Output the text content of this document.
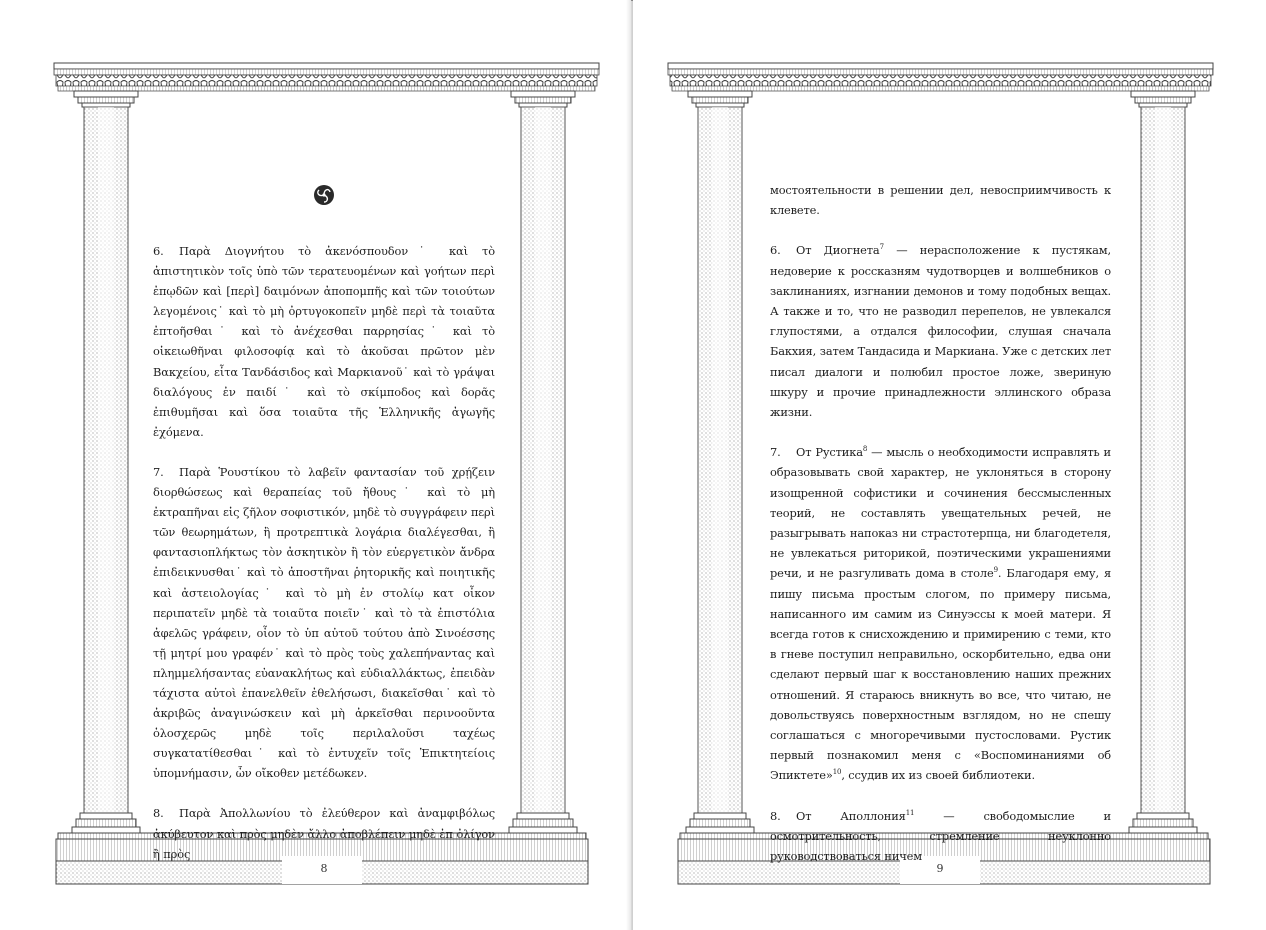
6. Παρὰ Διογνήτου τὸ ἀκενόσπουδον˙ καὶ τὸ ἀπιστητικὸν τοῖς ὑπὸ τῶν τερατευομένων καὶ γοήτων περὶ ἐπῳδῶν καὶ [περὶ] δαιμόνων ἀποπομπῆς καὶ τῶν τοιούτων λεγομένοις˙ καὶ τὸ μὴ ὀρτυγοκοπεῖν μηδὲ περὶ τὰ τοιαῦτα ἐπτοῆσθαι˙ καὶ τὸ ἀνέχεσθαι παρρησίας˙ καὶ τὸ οἰκειωθῆναι φιλοσοφίᾳ καὶ τὸ ἀκοῦσαι πρῶτον μὲν Βακχείου, εἶτα Τανδάσιδος καὶ Μαρκιανοῦ˙ καὶ τὸ γράψαι διαλόγους ἐν παιδί˙ καὶ τὸ σκίμποδος καὶ δορᾶς ἐπιθυμῆσαι καὶ ὅσα τοιαῦτα τῆς Ἑλληνικῆς ἀγωγῆς ἐχόμενα.

7. Παρὰ Ῥουστίκου τὸ λαβεῖν φαντασίαν τοῦ χρῄζειν διορθώσεως καὶ θεραπείας τοῦ ἤθους˙ καὶ τὸ μὴ ἐκτραπῆναι εἰς ζῆλον σοφιστικόν, μηδὲ τὸ συγγράφειν περὶ τῶν θεωρημάτων, ἢ προτρεπτικὰ λογάρια διαλέγεσθαι, ἢ φαντασιοπλήκτως τὸν ἀσκητικὸν ἢ τὸν εὐεργετικὸν ἄνδρα ἐπιδεικνυσθαι˙ καὶ τὸ ἀποστῆναι ῥητορικῆς καὶ ποιητικῆς καὶ ἀστειολογίας˙ καὶ τὸ μὴ ἐν στολίῳ κατ οἶκον περιπατεῖν μηδὲ τὰ τοιαῦτα ποιεῖν˙ καὶ τὸ τὰ ἐπιστόλια ἀφελῶς γράφειν, οἷον τὸ ὑπ αὐτοῦ τούτου ἀπὸ Σινοέσσης τῇ μητρί μου γραφέν˙ καὶ τὸ πρὸς τοὺς χαλεπήναντας καὶ πλημμελήσαντας εὐανακλήτως καὶ εὐδιαλλάκτως, ἐπειδὰν τάχιστα αὐτοὶ ἐπανελθεῖν ἐθελήσωσι, διακεῖσθαι˙ καὶ τὸ ἀκριβῶς ἀναγινώσκειν καὶ μὴ ἀρκεῖσθαι περινοοῦντα ὁλοσχερῶς μηδὲ τοῖς περιλαλοῦσι ταχέως συγκατατίθεσθαι˙ καὶ τὸ ἐντυχεῖν τοῖς Ἐπικτητείοις ὑπομνήμασιν, ὧν οἴκοθεν μετέδωκεν.

8. Παρὰ Ἀπολλωνίου τὸ ἐλεύθερον καὶ ἀναμφιβόλως ἀκύβευτον καὶ πρὸς μηδὲν ἄλλο ἀποβλέπειν μηδὲ ἐπ ὀλίγον ἢ πρὸς

8

мостоятельности в решении дел, невосприимчивость к клевете.

6. От Диогнета$^7$ — нерасположение к пустякам, недоверие к россказням чудотворцев и волшебников о заклинаниях, изгнании демонов и тому подобных вещах. А также и то, что не разводил перепелов, не увлекался глупостями, а отдался философии, слушая сначала Бакхия, затем Тандасида и Маркиана. Уже с детских лет писал диалоги и полюбил простое ложе, звериную шкуру и прочие принадлежности эллинского образа жизни.

7. От Рустика$^8$ — мысль о необходимости исправлять и образовывать свой характер, не уклоняться в сторону изощренной софистики и сочинения бессмысленных теорий, не составлять увещательных речей, не разыгрывать напоказ ни страстотерпца, ни благодетеля, не увлекаться риторикой, поэтическими украшениями речи, и не разгуливать дома в столе$^9$. Благодаря ему, я пишу письма простым слогом, по примеру письма, написанного им самим из Синуэссы к моей матери. Я всегда готов к снисхождению и примирению с теми, кто в гневе поступил неправильно, оскорбительно, едва они сделают первый шаг к восстановлению наших прежних отношений. Я стараюсь вникнуть во все, что читаю, не довольствуясь поверхностным взглядом, но не спешу соглашаться с многоречивыми пустословами. Рустик первый познакомил меня с «Воспоминаниями об Эпиктете»$^{10}$, ссудив их из своей библиотеки.

8. От Аполлония$^{11}$ — свободомыслие и осмотрительность, стремление неуклонно руководствоваться ничем

9
